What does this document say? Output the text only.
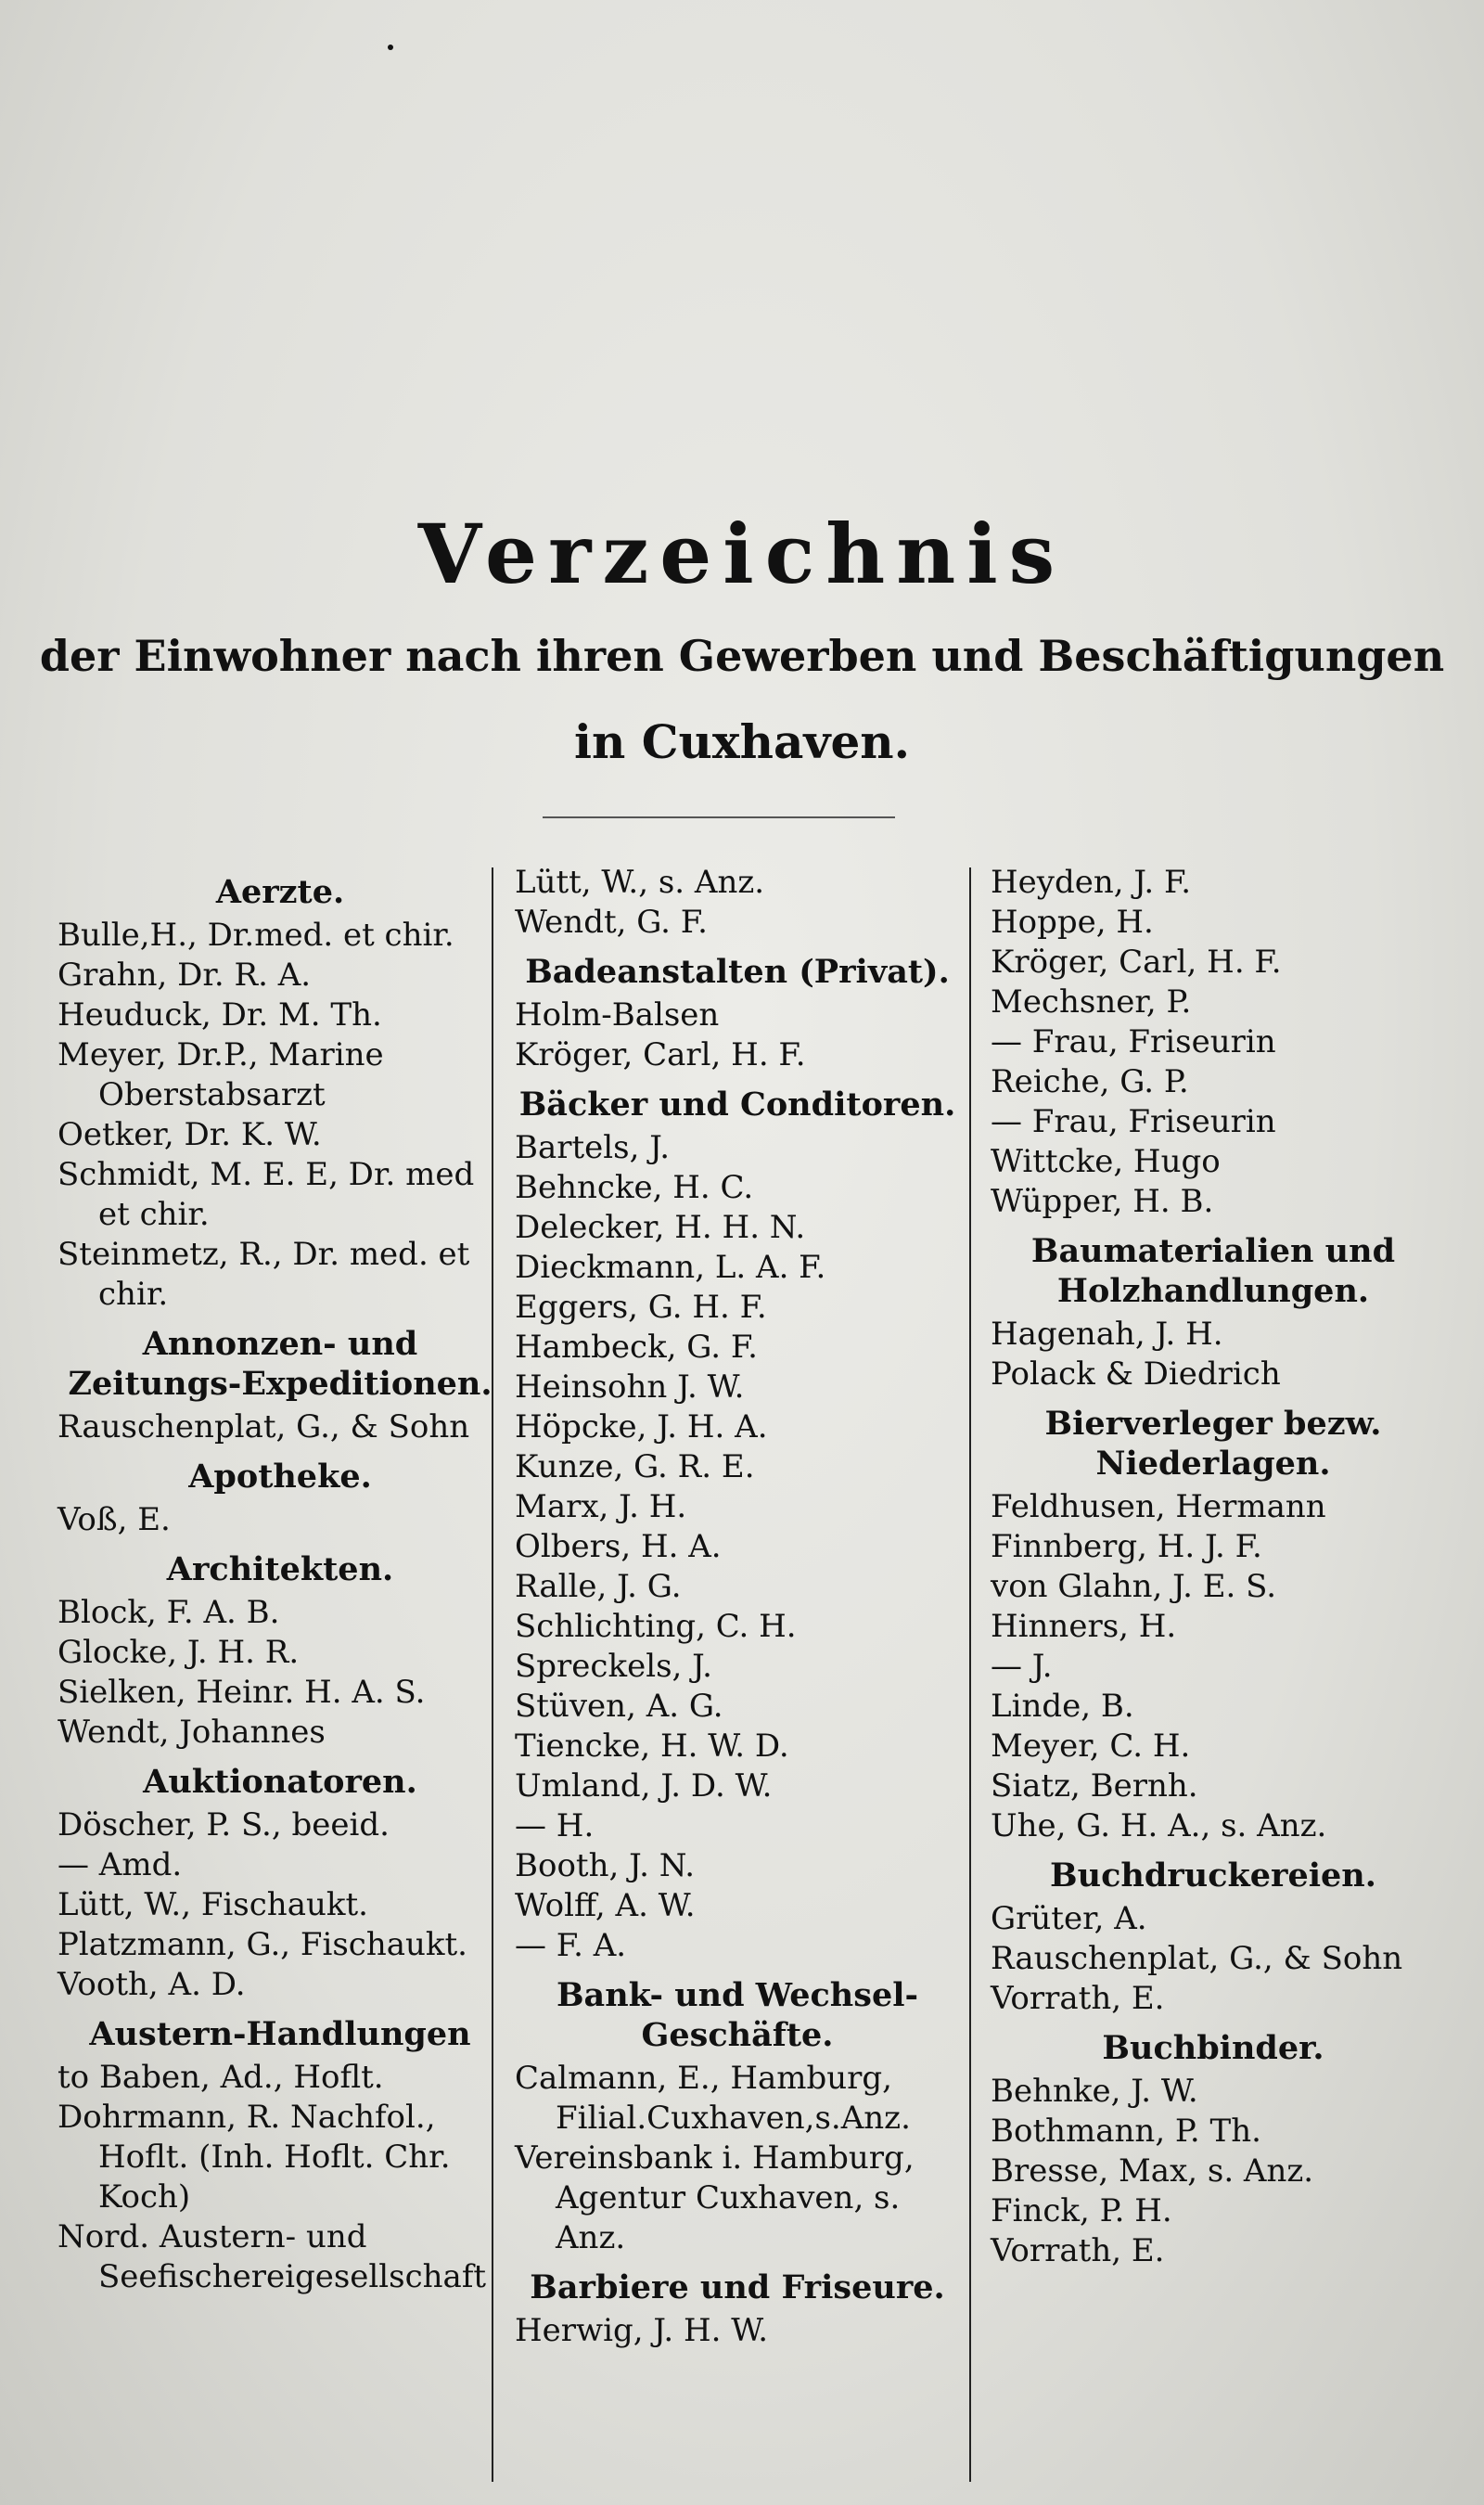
Verzeichnis
der Einwohner nach ihren Gewerben und Beschäftigungen
in Cuxhaven.
Aerzte.
Bulle,H., Dr.med. et chir.
Grahn, Dr. R. A.
Heuduck, Dr. M. Th.
Meyer, Dr.P., Marine Oberstabsarzt
Oetker, Dr. K. W.
Schmidt, M. E. E, Dr. med et chir.
Steinmetz, R., Dr. med. et chir.
Annonzen- und Zeitungs-Expeditionen.
Rauschenplat, G., & Sohn
Apotheke.
Voß, E.
Architekten.
Block, F. A. B.
Glocke, J. H. R.
Sielken, Heinr. H. A. S.
Wendt, Johannes
Auktionatoren.
Döscher, P. S., beeid.
— Amd.
Lütt, W., Fischaukt.
Platzmann, G., Fischaukt.
Vooth, A. D.
Austern-Handlungen
to Baben, Ad., Hoflt.
Dohrmann, R. Nachfol., Hoflt. (Inh. Hoflt. Chr. Koch)
Nord. Austern- und Seefischereigesellschaft
Lütt, W., s. Anz.
Wendt, G. F.
Badeanstalten (Privat).
Holm-Balsen
Kröger, Carl, H. F.
Bäcker und Conditoren.
Bartels, J.
Behncke, H. C.
Delecker, H. H. N.
Dieckmann, L. A. F.
Eggers, G. H. F.
Hambeck, G. F.
Heinsohn J. W.
Höpcke, J. H. A.
Kunze, G. R. E.
Marx, J. H.
Olbers, H. A.
Ralle, J. G.
Schlichting, C. H.
Spreckels, J.
Stüven, A. G.
Tiencke, H. W. D.
Umland, J. D. W.
— H.
Booth, J. N.
Wolff, A. W.
— F. A.
Bank- und Wechsel-Geschäfte.
Calmann, E., Hamburg, Filial.Cuxhaven,s.Anz.
Vereinsbank i. Hamburg, Agentur Cuxhaven, s. Anz.
Barbiere und Friseure.
Herwig, J. H. W.
Heyden, J. F.
Hoppe, H.
Kröger, Carl, H. F.
Mechsner, P.
— Frau, Friseurin
Reiche, G. P.
— Frau, Friseurin
Wittcke, Hugo
Wüpper, H. B.
Baumaterialien und Holzhandlungen.
Hagenah, J. H.
Polack & Diedrich
Bierverleger bezw. Niederlagen.
Feldhusen, Hermann
Finnberg, H. J. F.
von Glahn, J. E. S.
Hinners, H.
— J.
Linde, B.
Meyer, C. H.
Siatz, Bernh.
Uhe, G. H. A., s. Anz.
Buchdruckereien.
Grüter, A.
Rauschenplat, G., & Sohn
Vorrath, E.
Buchbinder.
Behnke, J. W.
Bothmann, P. Th.
Bresse, Max, s. Anz.
Finck, P. H.
Vorrath, E.
